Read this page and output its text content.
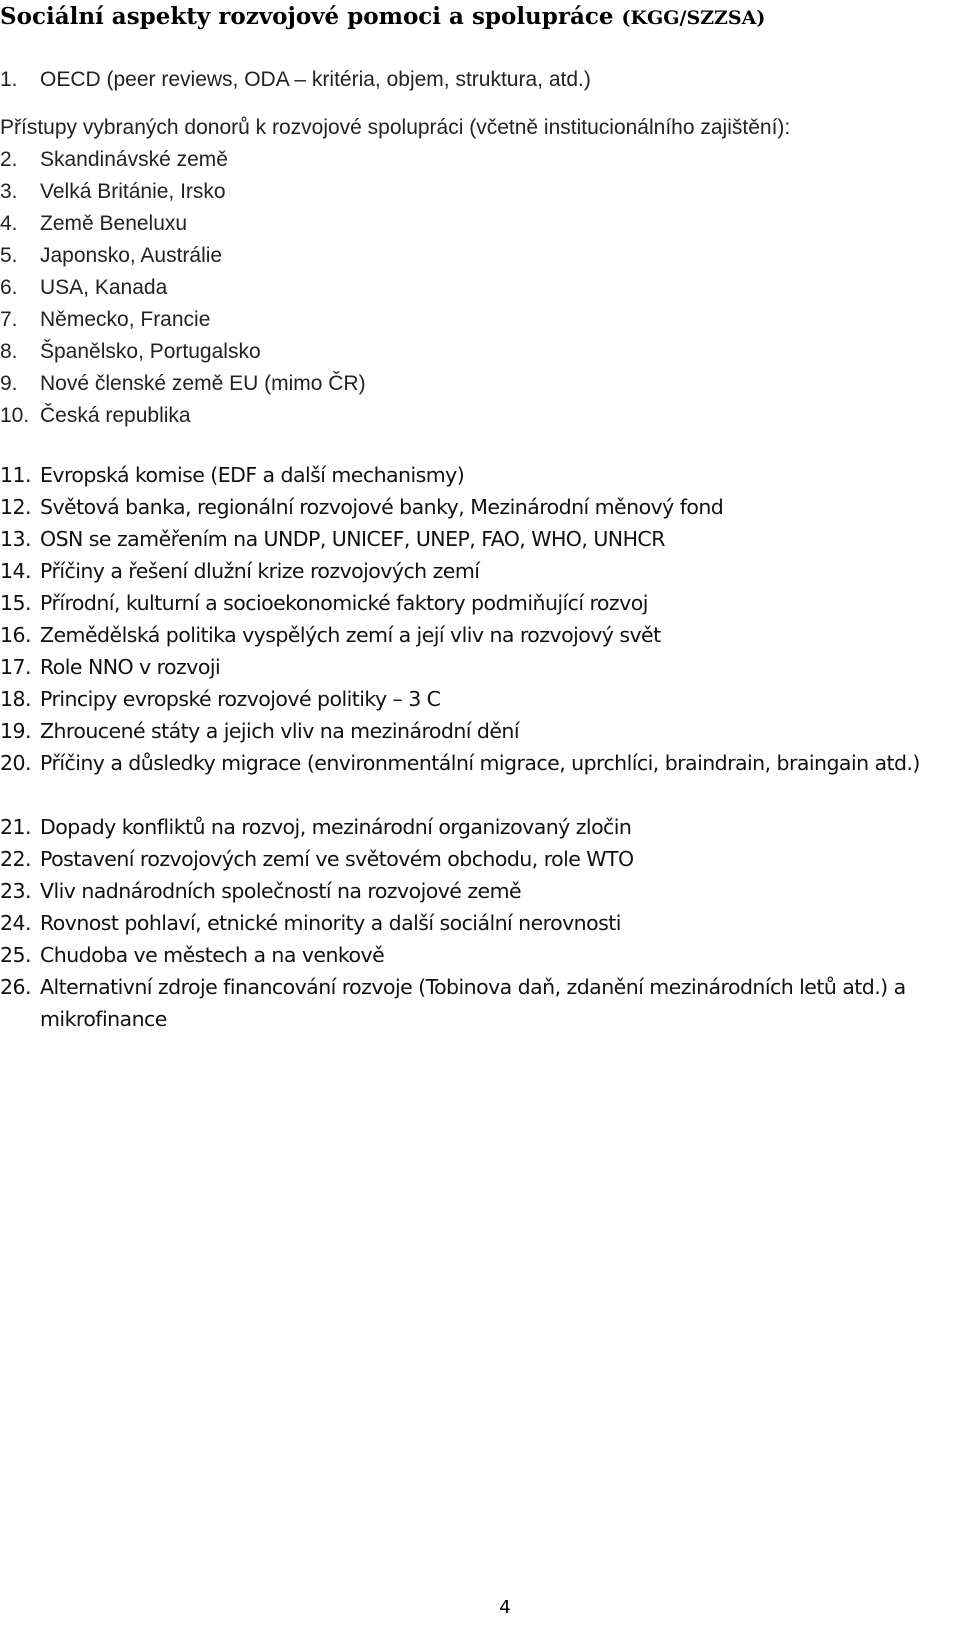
Sociální aspekty rozvojové pomoci a spolupráce (KGG/SZZSA)
1. OECD (peer reviews, ODA – kritéria, objem, struktura, atd.)
Přístupy vybraných donorů k rozvojové spolupráci (včetně institucionálního zajištění):
2. Skandinávské země
3. Velká Británie, Irsko
4. Země Beneluxu
5. Japonsko, Austrálie
6. USA, Kanada
7. Německo, Francie
8. Španělsko, Portugalsko
9. Nové členské země EU (mimo ČR)
10. Česká republika
11. Evropská komise (EDF a další mechanismy)
12. Světová banka, regionální rozvojové banky, Mezinárodní měnový fond
13. OSN se zaměřením na UNDP, UNICEF, UNEP, FAO, WHO, UNHCR
14. Příčiny a řešení dlužní krize rozvojových zemí
15. Přírodní, kulturní a socioekonomické faktory podmiňující rozvoj
16. Zemědělská politika vyspělých zemí a její vliv na rozvojový svět
17. Role NNO v rozvoji
18. Principy evropské rozvojové politiky – 3 C
19. Zhroucené státy a jejich vliv na mezinárodní dění
20. Příčiny a důsledky migrace (environmentální migrace, uprchlíci, braindrain, braingain atd.)
21. Dopady konfliktů na rozvoj, mezinárodní organizovaný zločin
22. Postavení rozvojových zemí ve světovém obchodu, role WTO
23. Vliv nadnárodních společností na rozvojové země
24. Rovnost pohlaví, etnické minority a další sociální nerovnosti
25. Chudoba ve městech a na venkově
26. Alternativní zdroje financování rozvoje (Tobinova daň, zdanění mezinárodních letů atd.) a mikrofinance
4
